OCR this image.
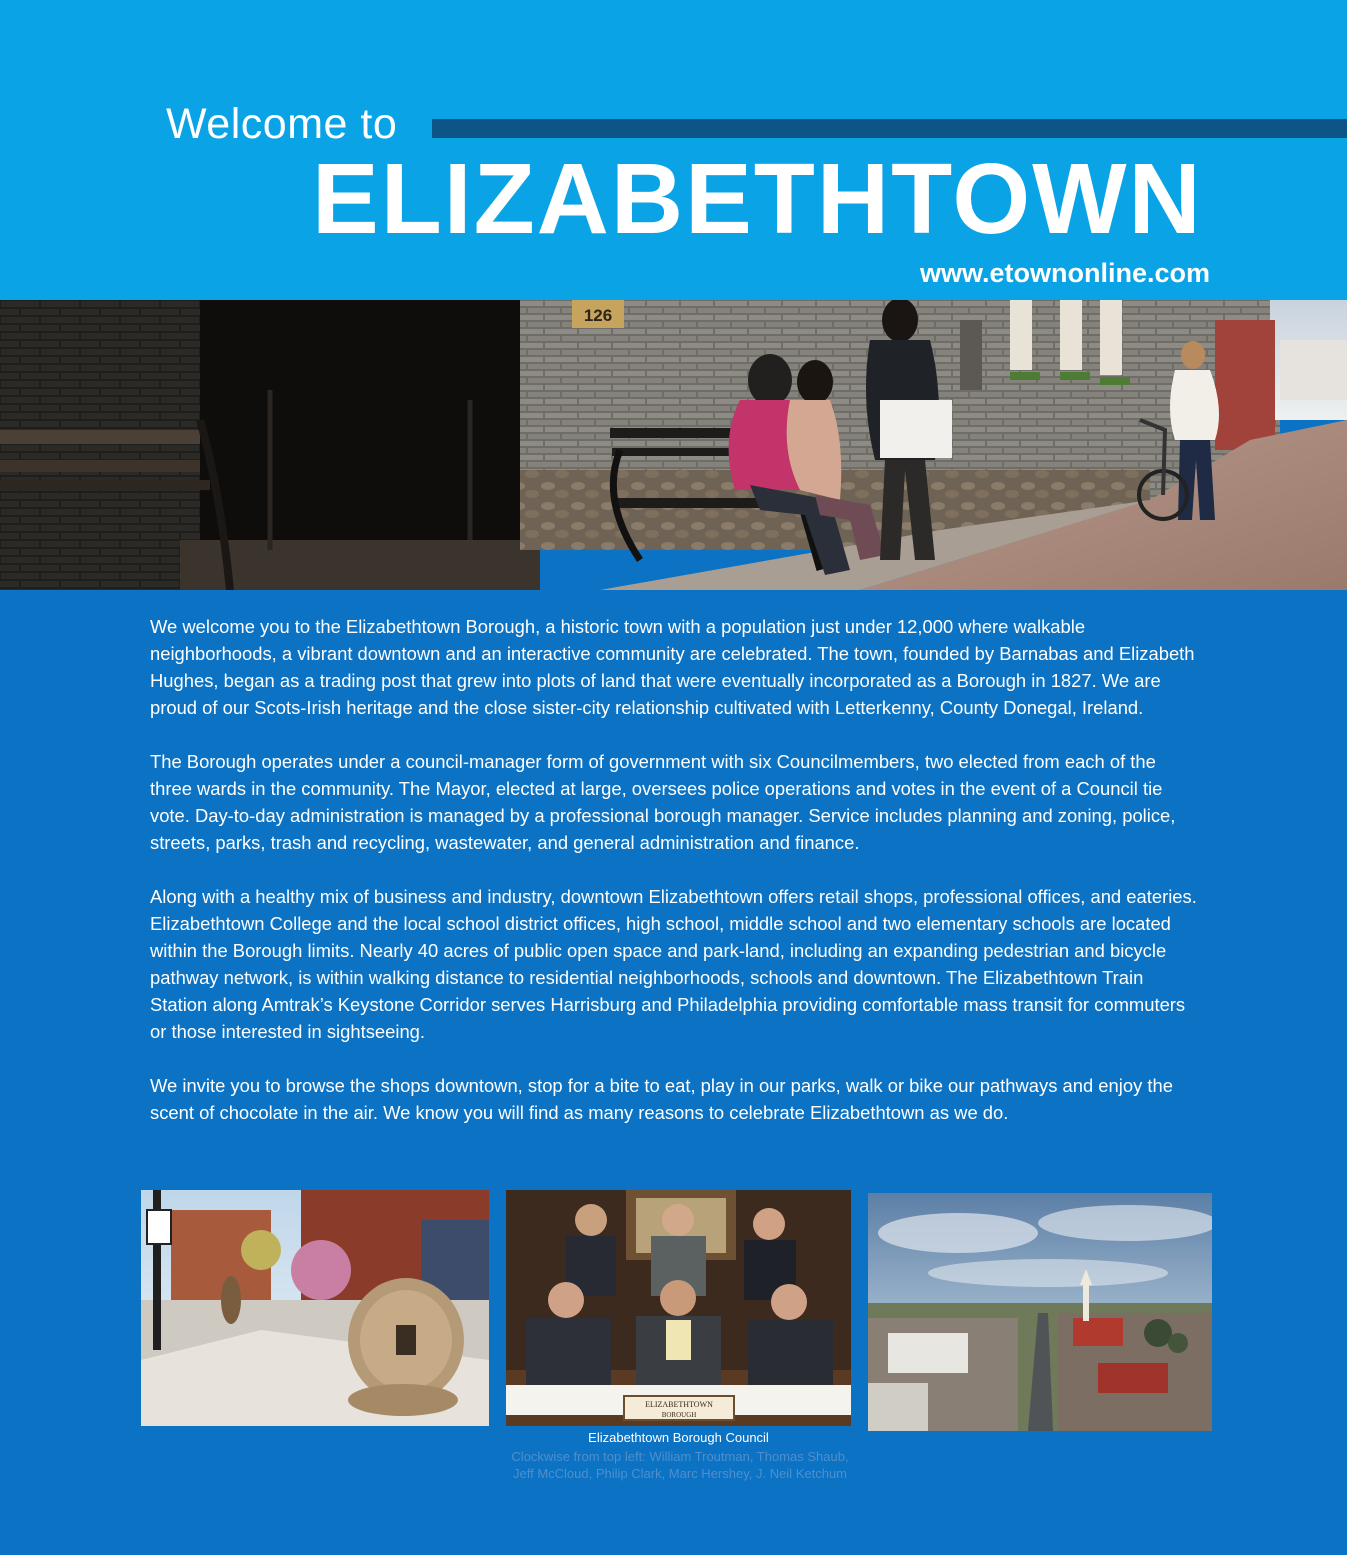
Welcome to
ELIZABETHTOWN
www.etownonline.com
126

We welcome you to the Elizabethtown Borough, a historic town with a population just under 12,000 where walkable neighborhoods, a vibrant downtown and an interactive community are celebrated. The town, founded by Barnabas and Elizabeth Hughes, began as a trading post that grew into plots of land that were eventually incorporated as a Borough in 1827. We are proud of our Scots-Irish heritage and the close sister-city relationship cultivated with Letterkenny, County Donegal, Ireland.

The Borough operates under a council-manager form of government with six Councilmembers, two elected from each of the three wards in the community. The Mayor, elected at large, oversees police operations and votes in the event of a Council tie vote. Day-to-day administration is managed by a professional borough manager. Service includes planning and zoning, police, streets, parks, trash and recycling, wastewater, and general administration and finance.

Along with a healthy mix of business and industry, downtown Elizabethtown offers retail shops, professional offices, and eateries. Elizabethtown College and the local school district offices, high school, middle school and two elementary schools are located within the Borough limits. Nearly 40 acres of public open space and park-land, including an expanding pedestrian and bicycle pathway network, is within walking distance to residential neighborhoods, schools and downtown. The Elizabethtown Train Station along Amtrak’s Keystone Corridor serves Harrisburg and Philadelphia providing comfortable mass transit for commuters or those interested in sightseeing.

We invite you to browse the shops downtown, stop for a bite to eat, play in our parks, walk or bike our pathways and enjoy the scent of chocolate in the air. We know you will find as many reasons to celebrate Elizabethtown as we do.

ELIZABETHTOWN
BOROUGH
Elizabethtown Borough Council
Clockwise from top left: William Troutman, Thomas Shaub,
Jeff McCloud, Philip Clark, Marc Hershey, J. Neil Ketchum
